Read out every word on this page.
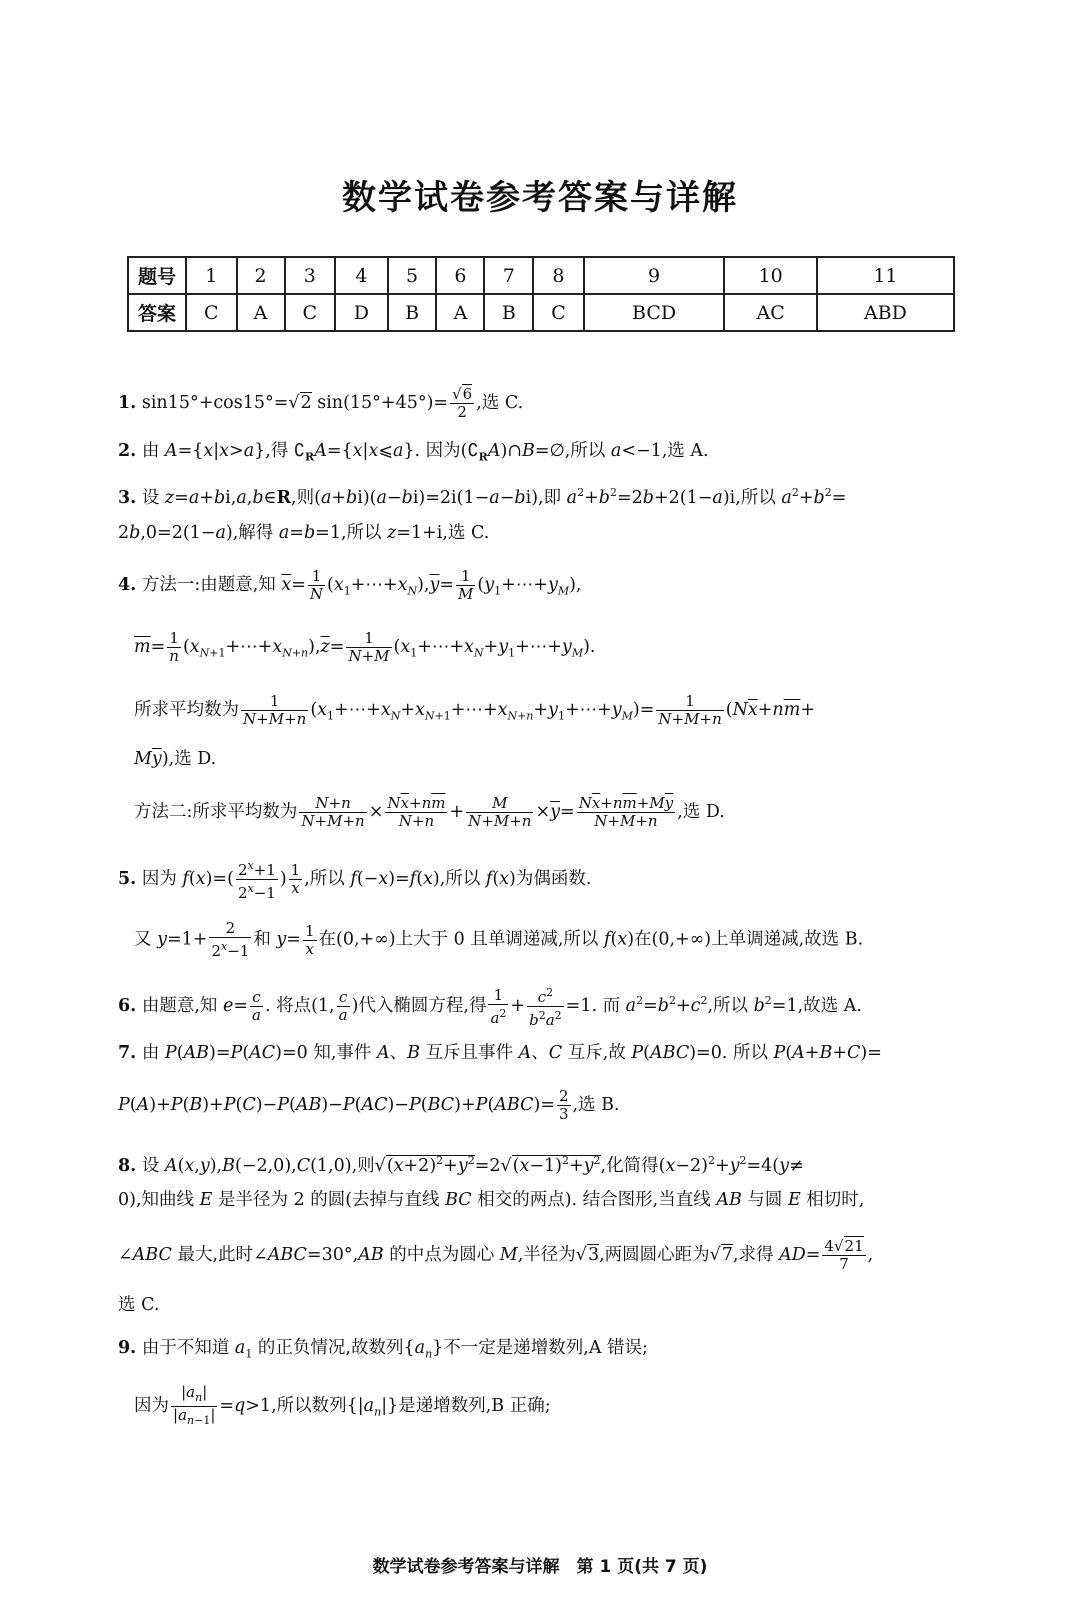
数学试卷参考答案与详解
题号	1	2	3	4	5	6	7	8	9	10	11
答案	C	A	C	D	B	A	B	C	BCD	AC	ABD
1. sin15°+cos15°=√2 $\sin(15^\circ+45^\circ)= \frac{√6}{2}$ ,选 C.
2. 由 A={x|x>a},得 $∁_RA=\{x|x⩽a\}$. 因为$(∁_RA)\cap B=\emptyset$,所以 a<−1,选 A.
3. 设 z=a+bi,a,b∈R,则(a+bi)(a−bi)=2i(1−a−bi),即 $a^2+b^2=2b+2(1-a)i$,所以 $a^2+b^2=$
2b,0=2(1−a),解得 a=b=1,所以 z=1+i,选 C.
4. 方法一:由题意,知 $\overline{x}= \frac{1}{N}$ $(x_1+\cdots+x_N),\overline{y}= \frac{1}{M}$ $(y_1+\cdots+y_M)$,
$\overline{m}= \frac{1}{n}$ $(x_{N+1}+\cdots+x_{N+n}),\overline{z}= \frac{1}{N+M}$ $(x_1+\cdots+x_N+y_1+\cdots+y_M)$.
所求平均数为 $\frac{1}{N+M+n}$ $(x_1+\cdots+x_N+x_{N+1}+\cdots+x_{N+n}+y_1+\cdots+y_M)= \frac{1}{N+M+n} (N\overline{x}+n\overline{m}+$
$M\overline{y}$),选 D.
方法二:所求平均数为 $\frac{N+n}{N+M+n} \times \frac{N\overline{x}+n\overline{m}}{N+n} + \frac{M}{N+M+n} \times\overline{y}= \frac{N\overline{x}+n\overline{m}+M\overline{y}}{N+M+n}$ ,选 D.
5. 因为 $f(x)=( \frac{2^x+1}{2^x-1}$ ) $\frac{1}{x}$ ,所以 f(−x)=f(x),所以 f(x)为偶函数.
又 $y=1+ \frac{2}{2^x-1}$ 和 $y= \frac{1}{x}$ 在(0,+∞)上大于 0 且单调递减,所以 f(x)在(0,+∞)上单调递减,故选 B.
6. 由题意,知 $e= \frac{c}{a}$ . 将点(1, $\frac{c}{a}$ )代入椭圆方程,得 $\frac{1}{a^2} + \frac{c^2}{b^2a^2} =1$. 而 $a^2=b^2+c^2$,所以 $b^2=1$,故选 A.
7. 由 P(AB)=P(AC)=0 知,事件 A、B 互斥且事件 A、C 互斥,故 P(ABC)=0. 所以 P(A+B+C)=
$P(A)+P(B)+P(C)-P(AB)-P(AC)-P(BC)+P(ABC)= \frac{2}{3}$ ,选 B.
8. 设 A(x,y),B(−2,0),C(1,0),则$√(x+2)^2+y^2=2√(x-1)^2+y^2$,化简得$(x-2)^2+y^2=4(y\ne$
0),知曲线 E 是半径为 2 的圆(去掉与直线 BC 相交的两点). 结合图形,当直线 AB 与圆 E 相切时,
∠ABC 最大,此时∠ABC=30°,AB 的中点为圆心 M,半径为√3,两圆圆心距为√7,求得 $AD= \frac{4√21}{7}$ ,
选 C.
9. 由于不知道 $a_1$ 的正负情况,故数列$\{a_n\}$不一定是递增数列,A 错误;
因为 $\frac{|a_n|}{|a_{n-1}|} =q>1$,所以数列$\{|a_n|\}$是递增数列,B 正确;
数学试卷参考答案与详解　第 1 页(共 7 页)
